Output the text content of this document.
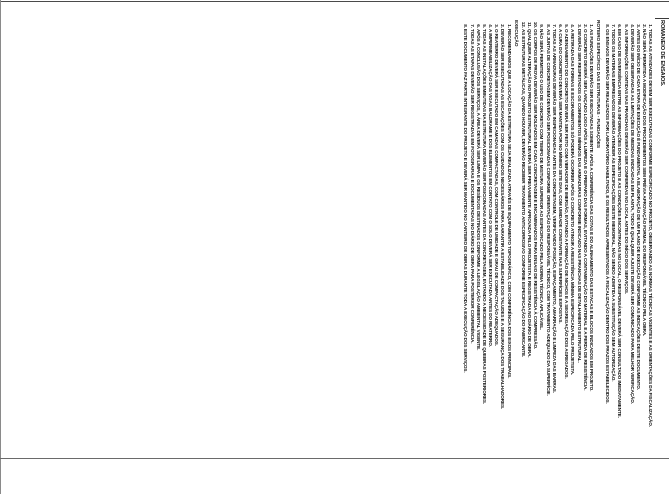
ROMANEIO DE ENSAIOS.
1. TODAS AS ATIVIDADES DEVEM SER EXECUTADAS CONFORME ESPECIFICADO NO PROJETO, OBSERVANDO AS NORMAS TÉCNICAS VIGENTES E AS ORIENTAÇÕES DA FISCALIZAÇÃO.
2. NÃO SERÁ PERMITIDA A MODIFICAÇÃO DOS PROCEDIMENTOS SEM PRÉVIA APROVAÇÃO FORMAL DO RESPONSÁVEL TÉCNICO PELA OBRA.
3. ANTES DO INÍCIO DE CADA ETAPA DE EXECUÇÃO É FUNDAMENTAL A ELABORAÇÃO DE UM PLANO DE EXECUÇÃO CONFORME AS INDICAÇÕES DESTE DOCUMENTO.
4. DEVERÃO SER OBSERVADAS AS LIMITAÇÕES DE MEDIDAS INDICADAS EM PLANTA, TODO E QUALQUER AJUSTE DEVERÁ SER COMUNICADO PARA MELHOR VERIFICAÇÃO.
5. AS INFORMAÇÕES CONTIDAS NAS PRANCHAS DEVERÃO SER CONFERIDAS NO LOCAL ANTES DO INÍCIO DOS SERVIÇOS.
6. EM CASO DE DIVERGÊNCIA ENTRE AS INFORMAÇÕES DO PROJETO E AS CONDIÇÕES ENCONTRADAS NO LOCAL, O RESPONSÁVEL DEVERÁ SER CONSULTADO IMEDIATAMENTE.
7. TODOS OS MATERIAIS EMPREGADOS DEVERÃO ATENDER ÀS ESPECIFICAÇÕES DESTE MEMORIAL, NÃO SENDO ADMITIDA A SUBSTITUIÇÃO SEM AUTORIZAÇÃO.
8. OS ENSAIOS DEVERÃO SER REALIZADOS POR LABORATÓRIO HABILITADO, E OS RESULTADOS APRESENTADOS À FISCALIZAÇÃO DENTRO DOS PRAZOS ESTABELECIDOS.
ROTEIRO ESPECÍFICO DAS ESTRUTURAS - FUNDAÇÕES
1. AS FUNDAÇÕES DEVERÃO SER EXECUTADAS SOMENTE APÓS A CONFERÊNCIA DAS COTAS E DO ALINHAMENTO DAS ESTACAS E BLOCOS INDICADOS EM PROJETO.
2. O CONCRETO DEVERÁ SER LANÇADO LOGO APÓS A LIMPEZA E O PREPARO DAS FORMAS, EVITANDO A CONTAMINAÇÃO DO MATERIAL E A PERDA DE RESISTÊNCIA.
3. DEVERÃO SER RESPEITADOS OS COBRIMENTOS MÍNIMOS DAS ARMADURAS CONFORME INDICADO NAS PRANCHAS DE DETALHAMENTO ESTRUTURAL.
4. A RETIRADA DAS FORMAS E ESCORAMENTOS SÓ PODERÁ OCORRER APÓS O CONCRETO ATINGIR A RESISTÊNCIA MÍNIMA ESPECIFICADA PELO PROJETISTA.
5. O ADENSAMENTO DO CONCRETO DEVERÁ SER FEITO COM VIBRADOR DE IMERSÃO, EVITANDO A FORMAÇÃO DE NICHOS E A SEGREGAÇÃO DOS AGREGADOS.
6. A CURA DO CONCRETO DEVERÁ SER MANTIDA POR NO MÍNIMO SETE DIAS, COM UMIDADE CONSTANTE NAS SUPERFÍCIES EXPOSTAS.
7. TODAS AS ARMADURAS DEVERÃO SER INSPECIONADAS ANTES DA CONCRETAGEM, VERIFICANDO POSIÇÃO, ESPAÇAMENTO, AMARRAÇÃO E LIMPEZA DAS BARRAS.
8. AS JUNTAS DE CONCRETAGEM DEVERÃO SER POSICIONADAS CONFORME ORIENTAÇÃO DO RESPONSÁVEL TÉCNICO, COM TRATAMENTO ADEQUADO DA SUPERFÍCIE.
9. NÃO SERÁ PERMITIDO O USO DE CONCRETO COM TEMPO DE MISTURA SUPERIOR AO ESPECIFICADO PELA NORMA TÉCNICA APLICÁVEL.
10. OS CORPOS DE PROVA DEVERÃO SER MOLDADOS EM CADA CONCRETAGEM E ENCAMINHADOS PARA ENSAIO DE RESISTÊNCIA À COMPRESSÃO.
11. QUALQUER ALTERAÇÃO NO PROJETO ESTRUTURAL DEVERÁ SER PREVIAMENTE APROVADA PELO PROJETISTA E REGISTRADA NO DIÁRIO DE OBRA.
12. AS ESTRUTURAS METÁLICAS, QUANDO HOUVER, DEVERÃO RECEBER TRATAMENTO ANTICORROSIVO CONFORME ESPECIFICAÇÃO DO FABRICANTE.
EXECUÇÃO
1. RECOMENDAMOS QUE A LOCAÇÃO DA ESTRUTURA SEJA REALIZADA ATRAVÉS DE EQUIPAMENTO TOPOGRÁFICO, COM CONFERÊNCIA DOS EIXOS PRINCIPAIS.
2. DEVERÃO SER EXECUTADAS AS ESCAVAÇÕES COM OS CUIDADOS NECESSÁRIOS PARA GARANTIR A ESTABILIDADE DOS TALUDES E A SEGURANÇA DOS TRABALHADORES.
3. O REATERRO DEVERÁ SER EXECUTADO EM CAMADAS COMPACTADAS, COM CONTROLE DE UMIDADE E GRAU DE COMPACTAÇÃO ADEQUADOS.
4. A IMPERMEABILIZAÇÃO DAS VIGAS BALDRAME E DOS ELEMENTOS EM CONTATO COM O SOLO DEVERÁ SER EXECUTADA ANTES DO REATERRO.
5. TODAS AS INSTALAÇÕES EMBUTIDAS NA ESTRUTURA DEVERÃO SER POSICIONADAS ANTES DA CONCRETAGEM, EVITANDO A NECESSIDADE DE QUEBRAS POSTERIORES.
6. APÓS A CONCLUSÃO DOS SERVIÇOS, A ÁREA DEVERÁ SER LIMPA E OS RESÍDUOS DESTINADOS CONFORME A LEGISLAÇÃO AMBIENTAL VIGENTE.
7. TODAS AS ETAPAS DEVERÃO SER REGISTRADAS EM FOTOGRAFIAS E DOCUMENTADAS NO DIÁRIO DE OBRA PARA POSTERIOR CONFERÊNCIA.
8. ESTE DOCUMENTO FAZ PARTE INTEGRANTE DO PROJETO E DEVERÁ SER MANTIDO NO CANTEIRO DE OBRAS DURANTE TODA A EXECUÇÃO DOS SERVIÇOS.
